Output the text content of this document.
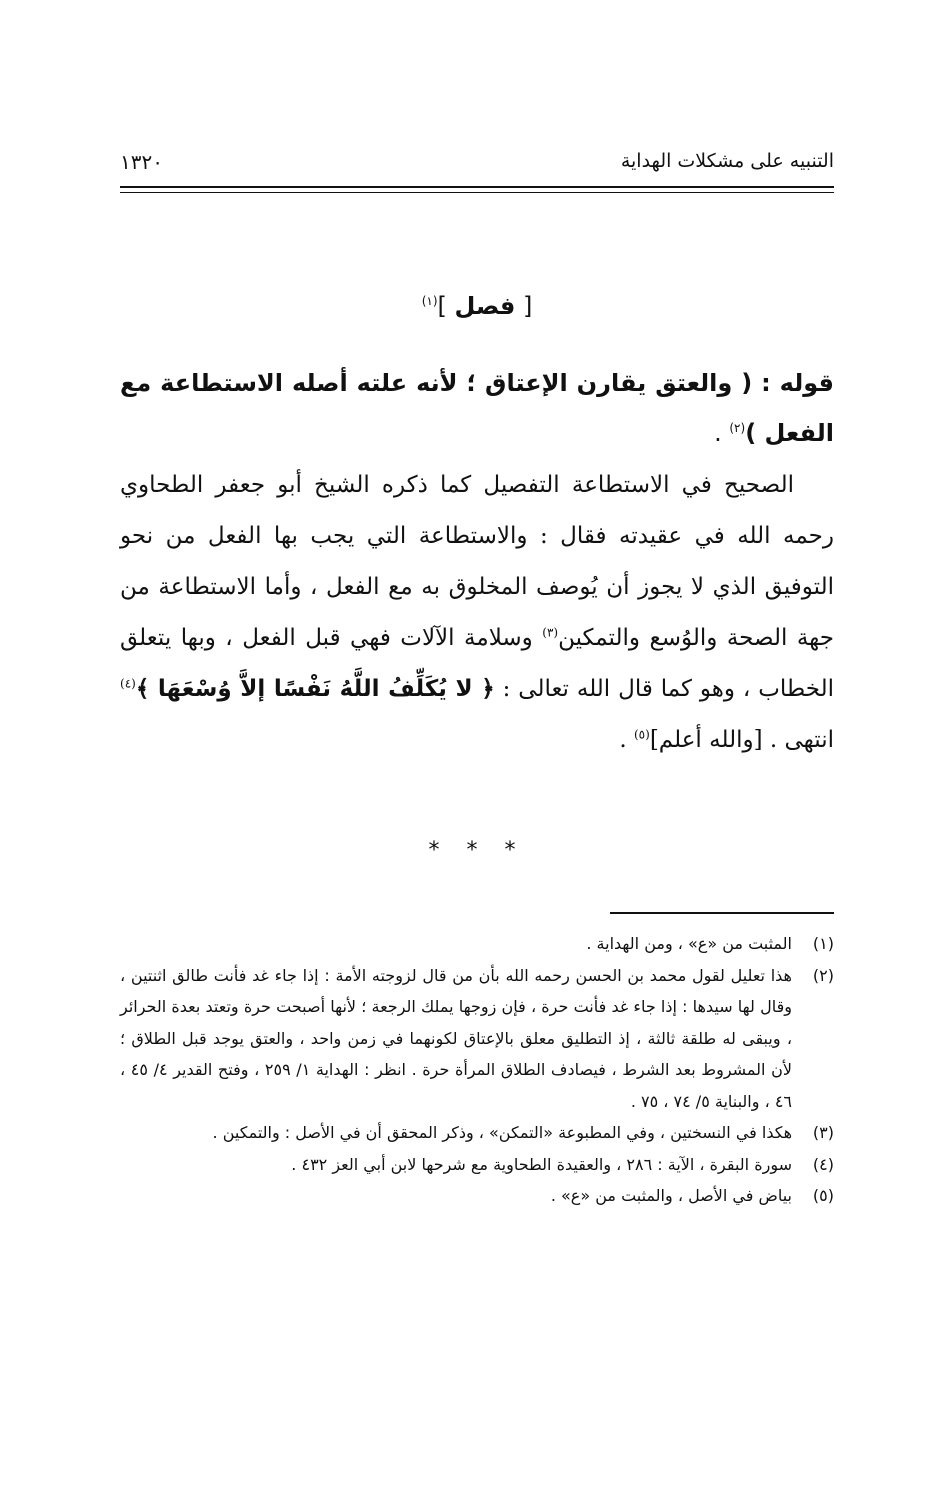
التنبيه على مشكلات الهداية
١٣٢٠
[ فصل ]$^{(١)}$
قوله : ( والعتق يقارن الإعتاق ؛ لأنه علته أصله الاستطاعة مع الفعل )$^{(٢)}$ .
الصحيح في الاستطاعة التفصيل كما ذكره الشيخ أبو جعفر الطحاوي رحمه الله في عقيدته فقال : والاستطاعة التي يجب بها الفعل من نحو التوفيق الذي لا يجوز أن يُوصف المخلوق به مع الفعل ، وأما الاستطاعة من جهة الصحة والوُسع والتمكين$^{(٣)}$ وسلامة الآلات فهي قبل الفعل ، وبها يتعلق الخطاب ، وهو كما قال الله تعالى : ﴿ لا يُكَلِّفُ اللَّهُ نَفْسًا إلاَّ وُسْعَهَا ﴾$^{(٤)}$ انتهى . [والله أعلم]$^{(٥)}$ .
* * *
(١)
المثبت من «ع» ، ومن الهداية .
(٢)
هذا تعليل لقول محمد بن الحسن رحمه الله بأن من قال لزوجته الأمة : إذا جاء غد فأنت طالق اثنتين ، وقال لها سيدها : إذا جاء غد فأنت حرة ، فإن زوجها يملك الرجعة ؛ لأنها أصبحت حرة وتعتد بعدة الحرائر ، ويبقى له طلقة ثالثة ، إذ التطليق معلق بالإعتاق لكونهما في زمن واحد ، والعتق يوجد قبل الطلاق ؛ لأن المشروط بعد الشرط ، فيصادف الطلاق المرأة حرة . انظر : الهداية ١/ ٢٥٩ ، وفتح القدير ٤/ ٤٥ ، ٤٦ ، والبناية ٥/ ٧٤ ، ٧٥ .
(٣)
هكذا في النسختين ، وفي المطبوعة «التمكن» ، وذكر المحقق أن في الأصل : والتمكين .
(٤)
سورة البقرة ، الآية : ٢٨٦ ، والعقيدة الطحاوية مع شرحها لابن أبي العز ٤٣٢ .
(٥)
بياض في الأصل ، والمثبت من «ع» .
